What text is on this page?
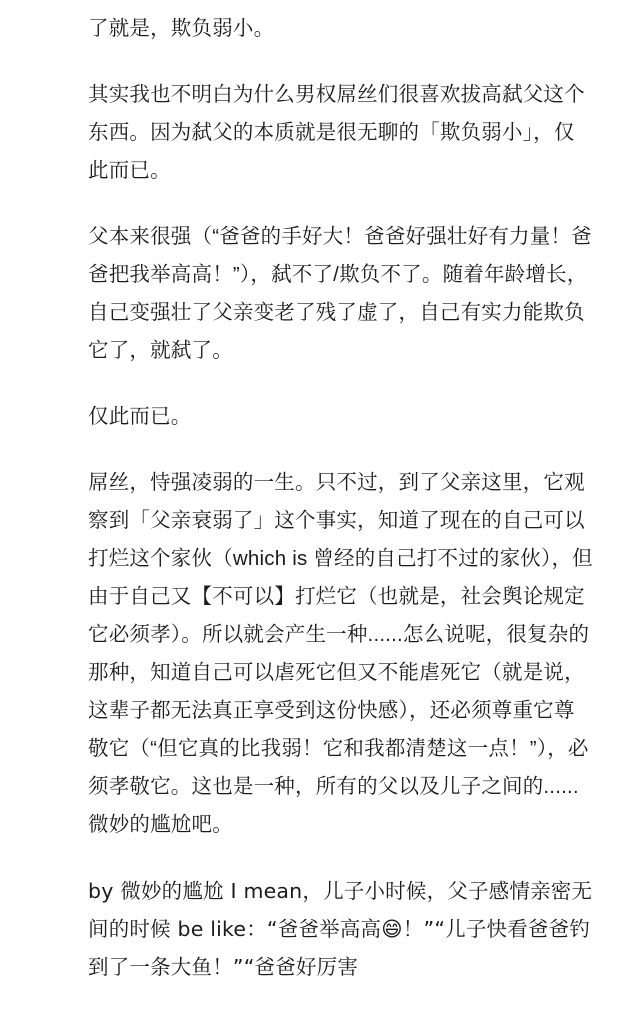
了就是，欺负弱小。

其实我也不明白为什么男权屌丝们很喜欢拔高弑父这个东西。因为弑父的本质就是很无聊的「欺负弱小」，仅此而已。

父本来很强（“爸爸的手好大！爸爸好强壮好有力量！爸爸把我举高高！”），弑不了/欺负不了。随着年龄增长，自己变强壮了父亲变老了残了虚了，自己有实力能欺负它了，就弑了。

仅此而已。

屌丝，恃强凌弱的一生。只不过，到了父亲这里，它观察到「父亲衰弱了」这个事实，知道了现在的自己可以打烂这个家伙（which is 曾经的自己打不过的家伙），但由于自己又【不可以】打烂它（也就是，社会舆论规定它必须孝）。所以就会产生一种......怎么说呢，很复杂的那种，知道自己可以虐死它但又不能虐死它（就是说，这辈子都无法真正享受到这份快感），还必须尊重它尊敬它（“但它真的比我弱！它和我都清楚这一点！”），必须孝敬它。这也是一种，所有的父以及儿子之间的......微妙的尴尬吧。

by 微妙的尴尬 I mean，儿子小时候，父子感情亲密无间的时候 be like：“爸爸举高高😄！”“儿子快看爸爸钓到了一条大鱼！”“爸爸好厉害
